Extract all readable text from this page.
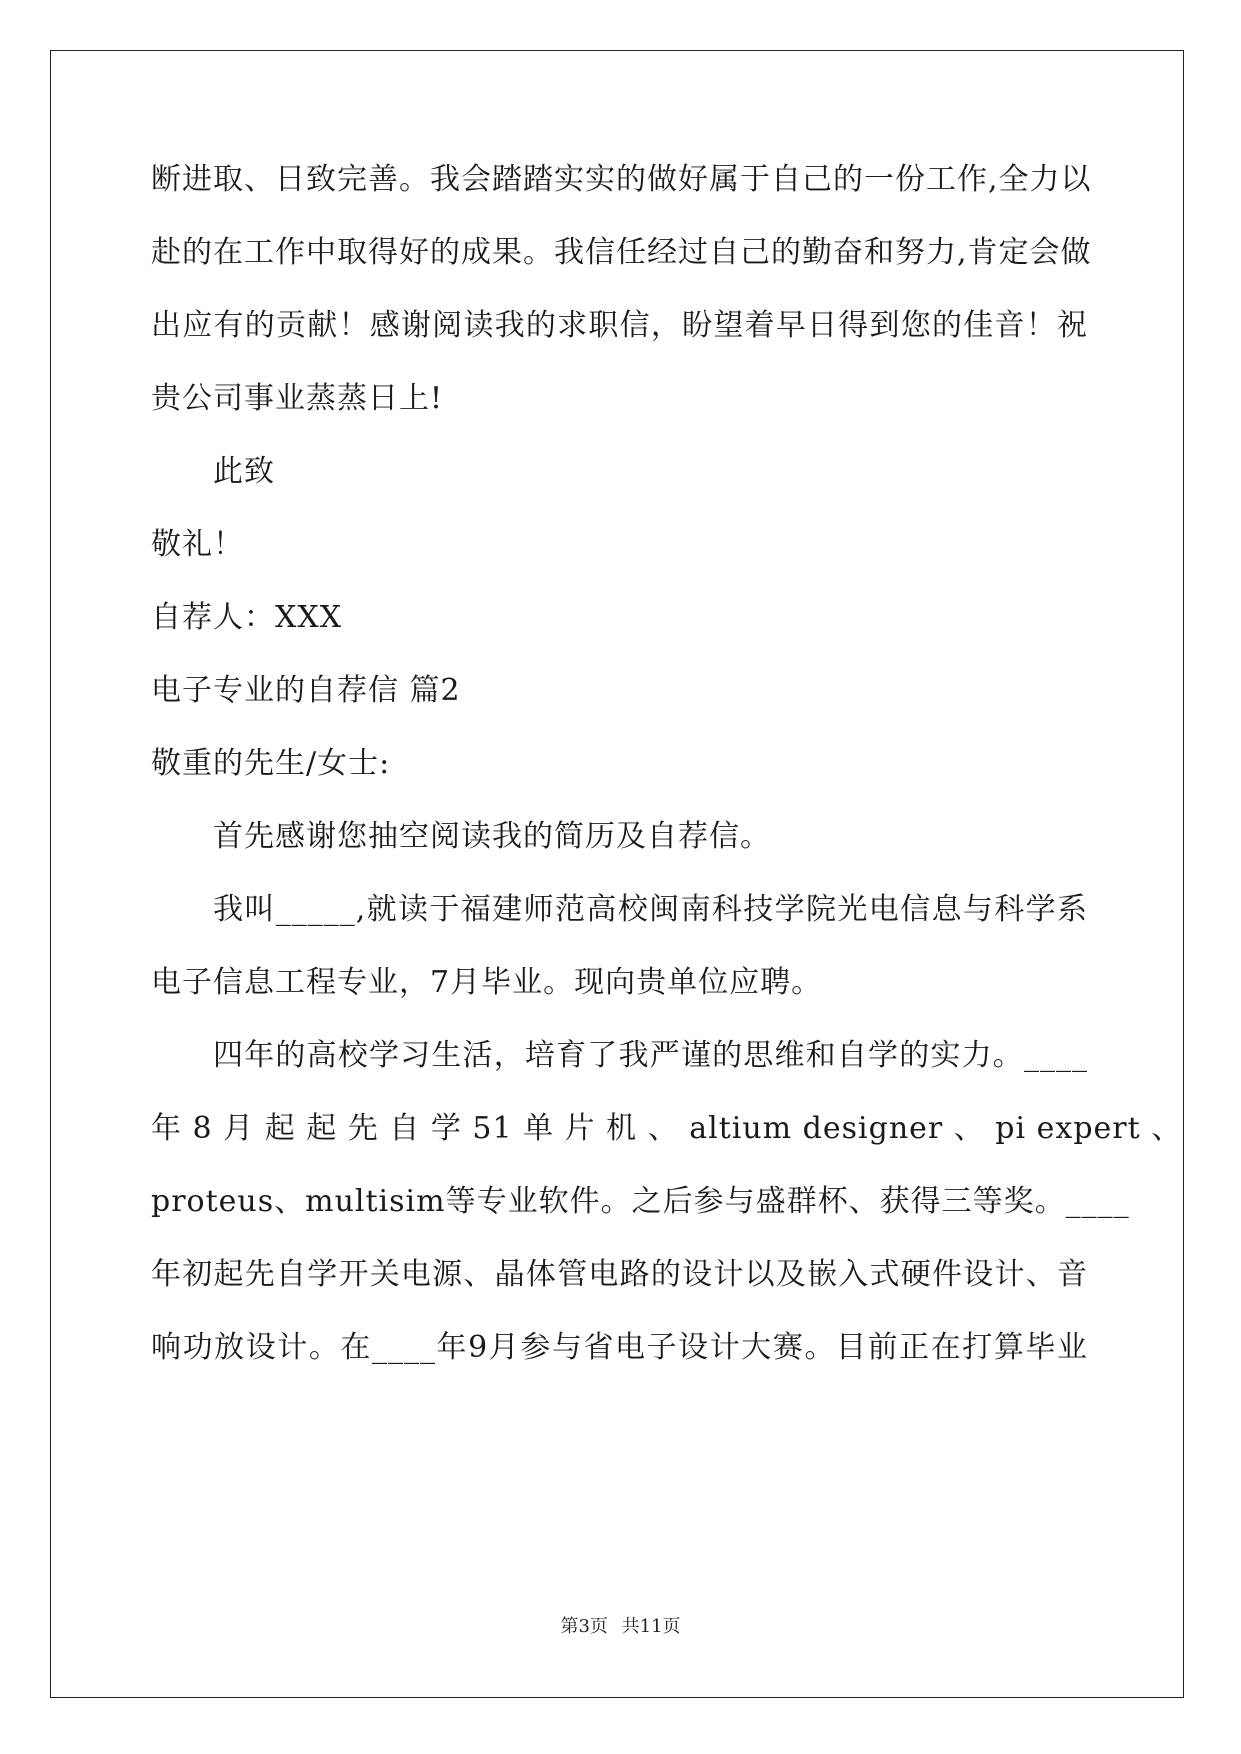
断进取、日致完善。我会踏踏实实的做好属于自己的一份工作,全力以
赴的在工作中取得好的成果。我信任经过自己的勤奋和努力,肯定会做
出应有的贡献！感谢阅读我的求职信，盼望着早日得到您的佳音！祝
贵公司事业蒸蒸日上!
此致
敬礼！
自荐人：XXX
电子专业的自荐信 篇2
敬重的先生/女士:
首先感谢您抽空阅读我的简历及自荐信。
我叫_____,就读于福建师范高校闽南科技学院光电信息与科学系
电子信息工程专业，7月毕业。现向贵单位应聘。
四年的高校学习生活，培育了我严谨的思维和自学的实力。____
年 8 月 起 起 先 自 学 51 单 片 机 、 altium designer 、 pi expert 、
proteus、multisim等专业软件。之后参与盛群杯、获得三等奖。____
年初起先自学开关电源、晶体管电路的设计以及嵌入式硬件设计、音
响功放设计。在____年9月参与省电子设计大赛。目前正在打算毕业
第3页 共11页
